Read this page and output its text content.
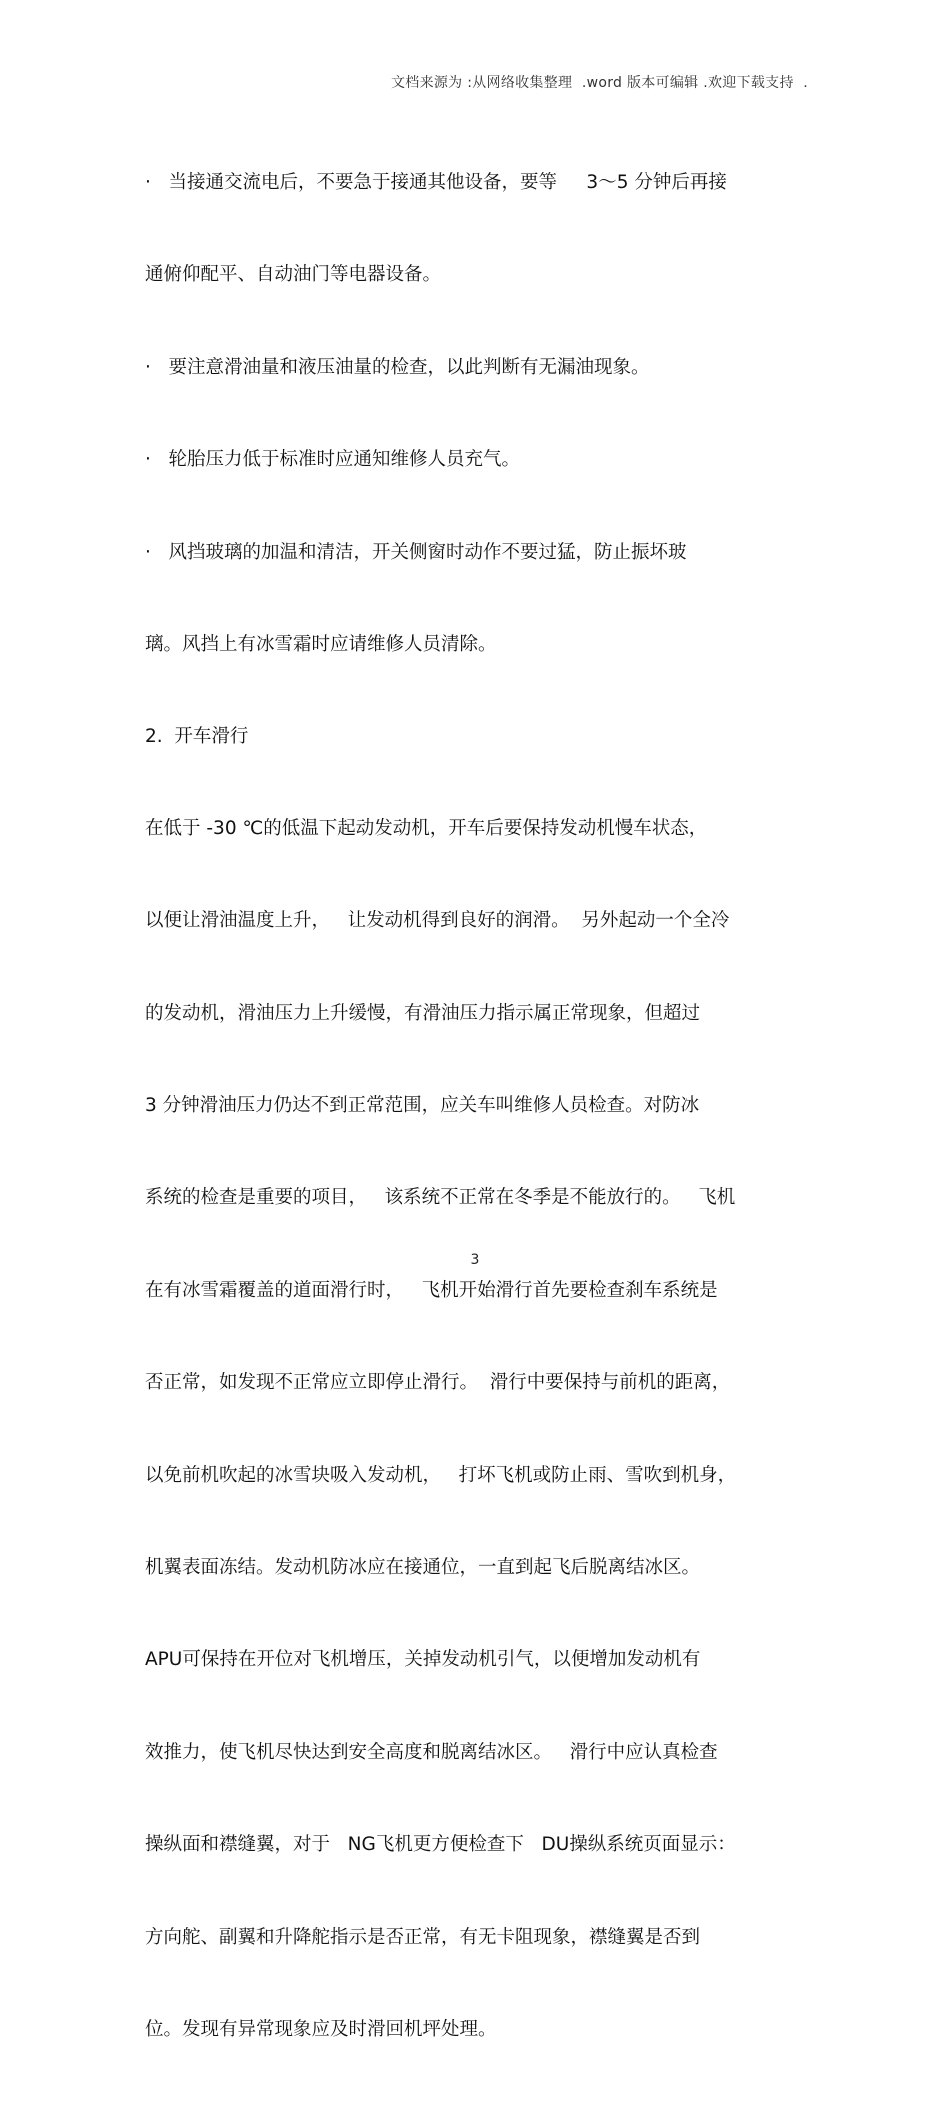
文档来源为 :从网络收集整理  .word 版本可编辑 .欢迎下载支持  .

·   当接通交流电后，不要急于接通其他设备，要等     3～5 分钟后再接

通俯仰配平、自动油门等电器设备。

·   要注意滑油量和液压油量的检查，以此判断有无漏油现象。

·   轮胎压力低于标准时应通知维修人员充气。

·   风挡玻璃的加温和清洁，开关侧窗时动作不要过猛，防止振坏玻

璃。风挡上有冰雪霜时应请维修人员清除。

2.  开车滑行

在低于 -30 ℃的低温下起动发动机，开车后要保持发动机慢车状态，

以便让滑油温度上升，   让发动机得到良好的润滑。  另外起动一个全冷

的发动机，滑油压力上升缓慢，有滑油压力指示属正常现象，但超过

3 分钟滑油压力仍达不到正常范围，应关车叫维修人员检查。对防冰

系统的检查是重要的项目，   该系统不正常在冬季是不能放行的。   飞机

在有冰雪霜覆盖的道面滑行时，   飞机开始滑行首先要检查刹车系统是

否正常，如发现不正常应立即停止滑行。  滑行中要保持与前机的距离，

以免前机吹起的冰雪块吸入发动机，   打坏飞机或防止雨、雪吹到机身，

机翼表面冻结。发动机防冰应在接通位，一直到起飞后脱离结冰区。

APU可保持在开位对飞机增压，关掉发动机引气，以便增加发动机有

效推力，使飞机尽快达到安全高度和脱离结冰区。   滑行中应认真检查

操纵面和襟缝翼，对于   NG飞机更方便检查下   DU操纵系统页面显示：

方向舵、副翼和升降舵指示是否正常，有无卡阻现象，襟缝翼是否到

位。发现有异常现象应及时滑回机坪处理。

3
